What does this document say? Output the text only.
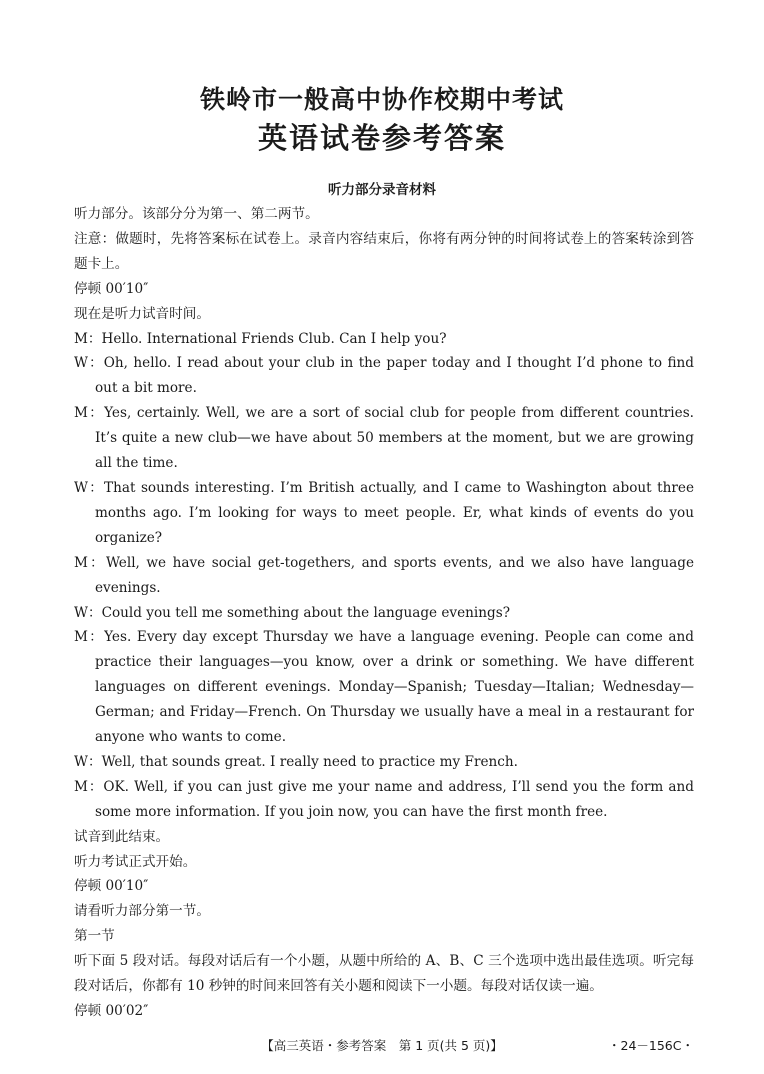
铁岭市一般高中协作校期中考试
英语试卷参考答案
听力部分录音材料

听力部分。该部分分为第一、第二两节。

注意：做题时，先将答案标在试卷上。录音内容结束后，你将有两分钟的时间将试卷上的答案转涂到答题卡上。

停顿 00′10″

现在是听力试音时间。

M：Hello. International Friends Club. Can I help you?

W：Oh, hello. I read about your club in the paper today and I thought I’d phone to find out a bit more.

M：Yes, certainly. Well, we are a sort of social club for people from different countries. It’s quite a new club—we have about 50 members at the moment, but we are growing all the time.

W：That sounds interesting. I’m British actually, and I came to Washington about three months ago. I’m looking for ways to meet people. Er, what kinds of events do you organize?

M：Well, we have social get-togethers, and sports events, and we also have language evenings.

W：Could you tell me something about the language evenings?

M：Yes. Every day except Thursday we have a language evening. People can come and practice their languages—you know, over a drink or something. We have different languages on different evenings. Monday—Spanish; Tuesday—Italian; Wednesday—German; and Friday—French. On Thursday we usually have a meal in a restaurant for anyone who wants to come.

W：Well, that sounds great. I really need to practice my French.

M：OK. Well, if you can just give me your name and address, I’ll send you the form and some more information. If you join now, you can have the first month free.

试音到此结束。

听力考试正式开始。

停顿 00′10″

请看听力部分第一节。

第一节

听下面 5 段对话。每段对话后有一个小题，从题中所给的 A、B、C 三个选项中选出最佳选项。听完每段对话后，你都有 10 秒钟的时间来回答有关小题和阅读下一小题。每段对话仅读一遍。

停顿 00′02″

【高三英语・参考答案　第 1 页(共 5 页)】	・24－156C・
